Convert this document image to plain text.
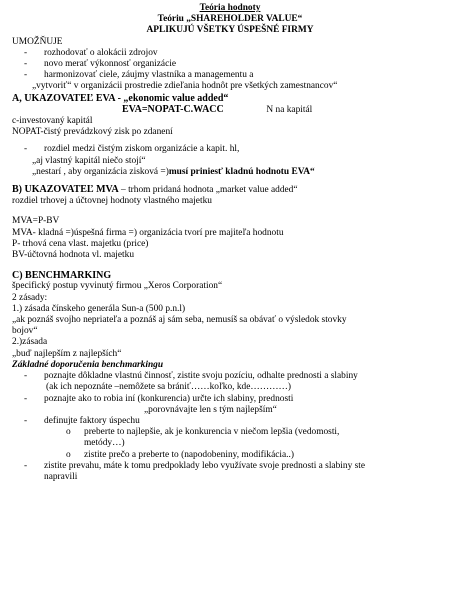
Teória hodnoty
Teóriu „SHAREHOLDER VALUE“
APLIKUJÚ VŠETKY ÚSPEŠNÉ FIRMY
UMOŽŇUJE
-	rozhodovať o alokácii zdrojov
-	novo merať výkonnosť organizácie
-	harmonizovať ciele, záujmy vlastníka a managementu a
„vytvoriť“ v organizácii prostredie zdieľania hodnôt pre všetkých zamestnancov“
A, UKAZOVATEĽ EVA - „ekonomic value added“
EVA=NOPAT-C.WACC	N na kapitál
c-investovaný kapitál
NOPAT-čistý prevádzkový zisk po zdanení
-	rozdiel medzi čistým ziskom organizácie a kapit. hl,
„aj vlastný kapitál niečo stojí“
„nestarí , aby organizácia zisková =)musí priniesť kladnú hodnotu EVA“
B) UKAZOVATEĽ MVA – trhom pridaná hodnota „market value added“
rozdiel trhovej a účtovnej hodnoty vlastného majetku
MVA=P-BV
MVA- kladná =)úspešná firma =) organizácia tvorí pre majiteľa hodnotu
P- trhová cena vlast. majetku (price)
BV-účtovná hodnota vl. majetku
C) BENCHMARKING
špecifický postup vyvinutý firmou „Xeros Corporation“
2 zásady:
1.) zásada čínskeho generála Sun-a (500 p.n.l)
„ak poznáš svojho nepriateľa a poznáš aj sám seba, nemusíš sa obávať o výsledok stovky
bojov“
2.)zásada
„buď najlepším z najlepších“
Základné doporučenia benchmarkingu
-	poznajte dôkladne vlastnú činnosť, zistite svoju pozíciu, odhalte prednosti a slabiny
(ak ich nepoznáte –nemôžete sa brániť……koľko, kde…………)
-	poznajte ako to robia iní (konkurencia) určte ich slabiny, prednosti
„porovnávajte len s tým najlepším“
-	definujte faktory úspechu
o	preberte to najlepšie, ak je konkurencia v niečom lepšia (vedomosti,
metódy…)
o	zistite prečo a preberte to (napodobeniny, modifikácia..)
-	zistite prevahu, máte k tomu predpoklady lebo využívate svoje prednosti a slabiny ste
napravili
